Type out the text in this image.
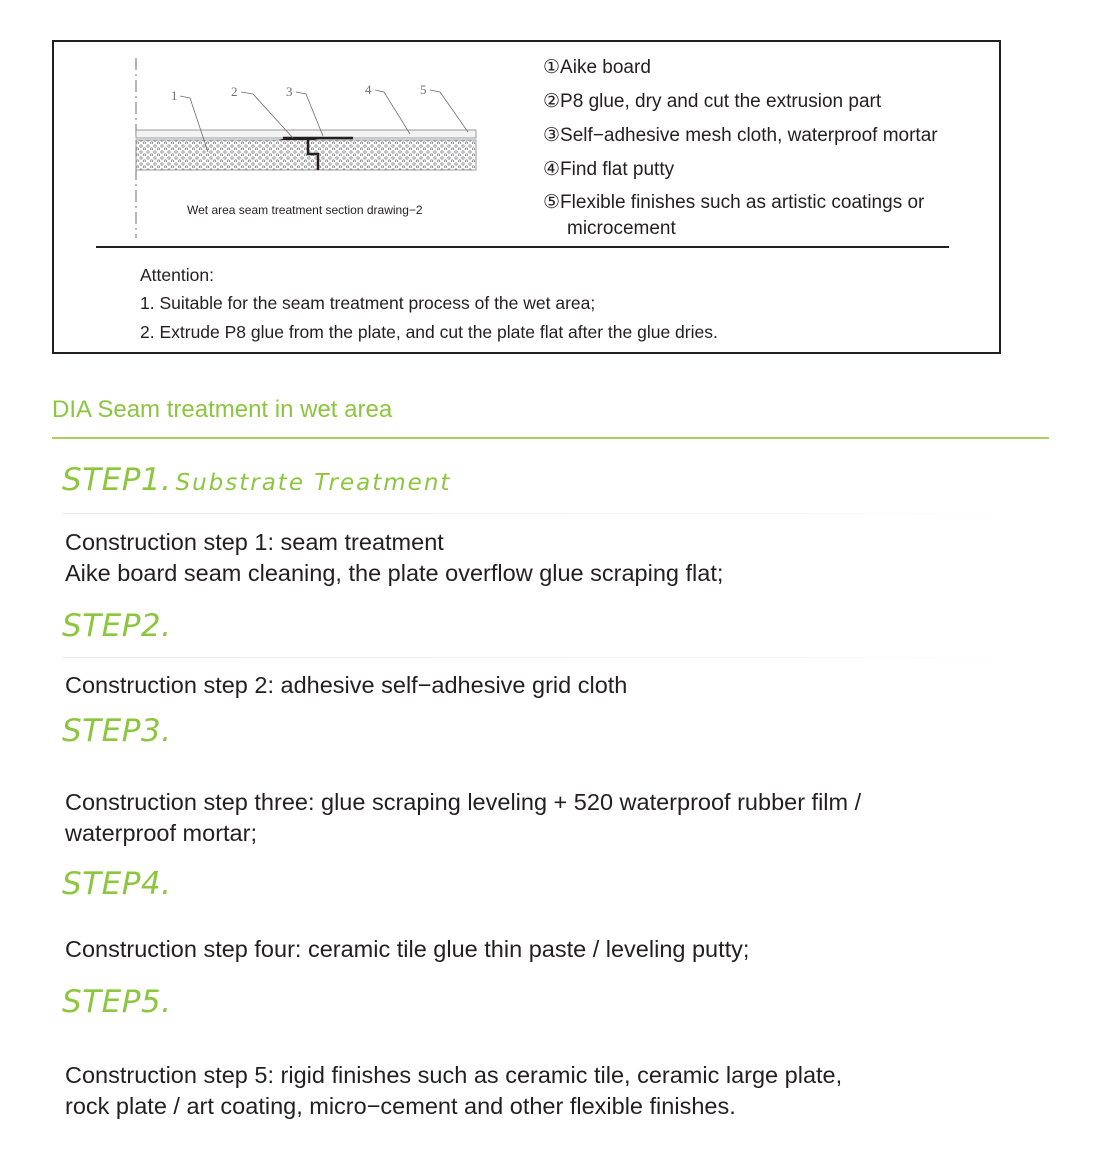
1	2	3	4	5
Wet area seam treatment section drawing−2
①Aike board
②P8 glue, dry and cut the extrusion part
③Self−adhesive mesh cloth, waterproof mortar
④Find flat putty
⑤Flexible finishes such as artistic coatings or
microcement
Attention:
1. Suitable for the seam treatment process of the wet area;
2. Extrude P8 glue from the plate, and cut the plate flat after the glue dries.
DIA Seam treatment in wet area
STEP1. Substrate Treatment
Construction step 1: seam treatment
Aike board seam cleaning, the plate overflow glue scraping flat;
STEP2.
Construction step 2: adhesive self−adhesive grid cloth
STEP3.
Construction step three: glue scraping leveling + 520 waterproof rubber film /
waterproof mortar;
STEP4.
Construction step four: ceramic tile glue thin paste / leveling putty;
STEP5.
Construction step 5: rigid finishes such as ceramic tile, ceramic large plate,
rock plate / art coating, micro−cement and other flexible finishes.
